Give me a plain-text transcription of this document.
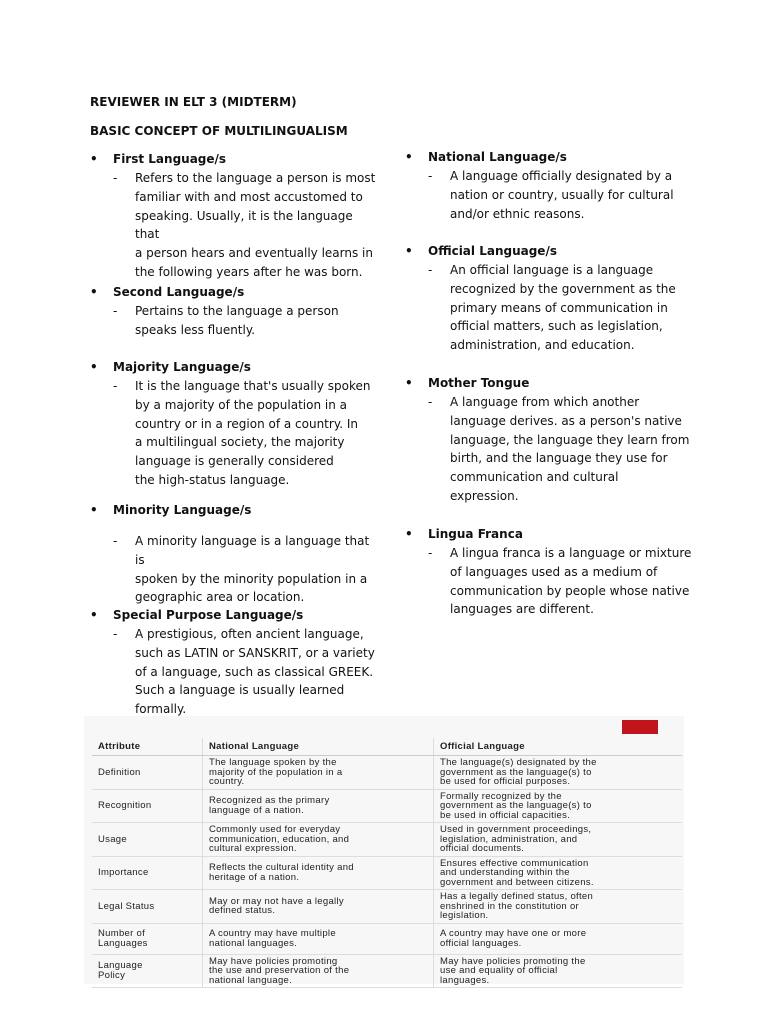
REVIEWER IN ELT 3 (MIDTERM)
BASIC CONCEPT OF MULTILINGUALISM
• First Language/s
- Refers to the language a person is most
familiar with and most accustomed to
speaking. Usually, it is the language that
a person hears and eventually learns in
the following years after he was born.
• Second Language/s
- Pertains to the language a person
speaks less fluently.
• Majority Language/s
- It is the language that's usually spoken
by a majority of the population in a
country or in a region of a country. In
a multilingual society, the majority
language is generally considered
the high-status language.
• Minority Language/s
- A minority language is a language that is
spoken by the minority population in a
geographic area or location.
• Special Purpose Language/s
- A prestigious, often ancient language,
such as LATIN or SANSKRIT, or a variety
of a language, such as classical GREEK.
Such a language is usually learned
formally.
• National Language/s
- A language officially designated by a
nation or country, usually for cultural
and/or ethnic reasons.
• Official Language/s
- An official language is a language
recognized by the government as the
primary means of communication in
official matters, such as legislation,
administration, and education.
• Mother Tongue
- A language from which another
language derives. as a person's native
language, the language they learn from
birth, and the language they use for
communication and cultural
expression.
• Lingua Franca
- A lingua franca is a language or mixture
of languages used as a medium of
communication by people whose native
languages are different.
Attribute	National Language	Official Language

Definition	The language spoken by the
majority of the population in a
country.	The language(s) designated by the
government as the language(s) to
be used for official purposes.

Recognition	Recognized as the primary
language of a nation.	Formally recognized by the
government as the language(s) to
be used in official capacities.

Usage	Commonly used for everyday
communication, education, and
cultural expression.	Used in government proceedings,
legislation, administration, and
official documents.

Importance	Reflects the cultural identity and
heritage of a nation.	Ensures effective communication
and understanding within the
government and between citizens.

Legal Status	May or may not have a legally
defined status.	Has a legally defined status, often
enshrined in the constitution or
legislation.

Number of
Languages	A country may have multiple
national languages.	A country may have one or more
official languages.

Language
Policy	May have policies promoting
the use and preservation of the
national language.	May have policies promoting the
use and equality of official
languages.
